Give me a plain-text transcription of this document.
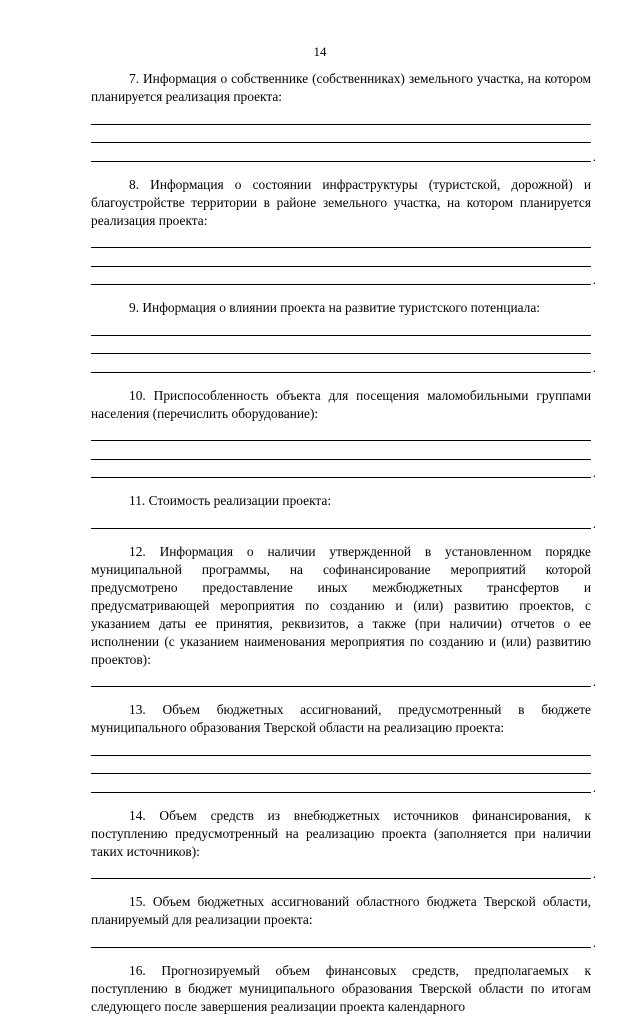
14

7. Информация о собственнике (собственниках) земельного участка, на котором планируется реализация проекта:

.

8. Информация о состоянии инфраструктуры (туристской, дорожной) и благоустройстве территории в районе земельного участка, на котором планируется реализация проекта:

.

9. Информация о влиянии проекта на развитие туристского потенциала:

.

10. Приспособленность объекта для посещения маломобильными группами населения (перечислить оборудование):

.

11. Стоимость реализации проекта:

.

12. Информация о наличии утвержденной в установленном порядке муниципальной программы, на софинансирование мероприятий которой предусмотрено предоставление иных межбюджетных трансфертов и предусматривающей мероприятия по созданию и (или) развитию проектов, с указанием даты ее принятия, реквизитов, а также (при наличии) отчетов о ее исполнении (с указанием наименования мероприятия по созданию и (или) развитию проектов):

.

13. Объем бюджетных ассигнований, предусмотренный в бюджете муниципального образования Тверской области на реализацию проекта:

.

14. Объем средств из внебюджетных источников финансирования, к поступлению предусмотренный на реализацию проекта (заполняется при наличии таких источников):

.

15. Объем бюджетных ассигнований областного бюджета Тверской области, планируемый для реализации проекта:

.

16. Прогнозируемый объем финансовых средств, предполагаемых к поступлению в бюджет муниципального образования Тверской области по итогам следующего после завершения реализации проекта календарного
